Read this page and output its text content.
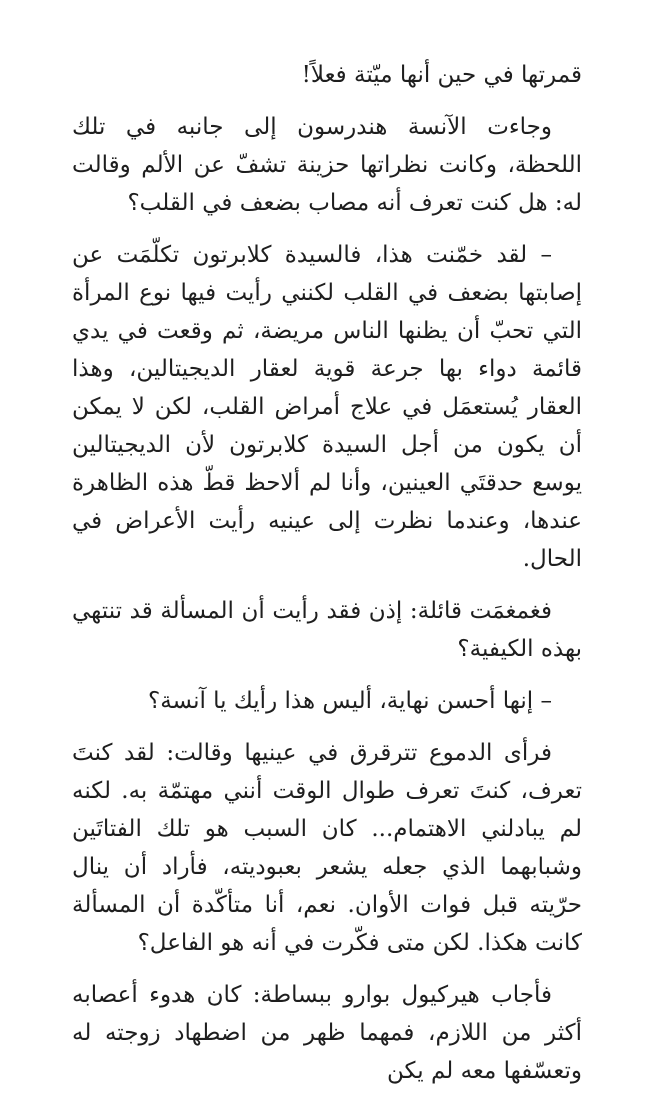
قمرتها في حين أنها ميّتة فعلاً!

وجاءت الآنسة هندرسون إلى جانبه في تلك اللحظة، وكانت نظراتها حزينة تشفّ عن الألم وقالت له: هل كنت تعرف أنه مصاب بضعف في القلب؟

– لقد خمّنت هذا، فالسيدة كلابرتون تكلّمَت عن إصابتها بضعف في القلب لكنني رأيت فيها نوع المرأة التي تحبّ أن يظنها الناس مريضة، ثم وقعت في يدي قائمة دواء بها جرعة قوية لعقار الديجيتالين، وهذا العقار يُستعمَل في علاج أمراض القلب، لكن لا يمكن أن يكون من أجل السيدة كلابرتون لأن الديجيتالين يوسع حدقتَي العينين، وأنا لم ألاحظ قطّ هذه الظاهرة عندها، وعندما نظرت إلى عينيه رأيت الأعراض في الحال.

فغمغمَت قائلة: إذن فقد رأيت أن المسألة قد تنتهي بهذه الكيفية؟

– إنها أحسن نهاية، أليس هذا رأيك يا آنسة؟

فرأى الدموع تترقرق في عينيها وقالت: لقد كنتَ تعرف، كنتَ تعرف طوال الوقت أنني مهتمّة به. لكنه لم يبادلني الاهتمام... كان السبب هو تلك الفتاتَين وشبابهما الذي جعله يشعر بعبوديته، فأراد أن ينال حرّيته قبل فوات الأوان. نعم، أنا متأكّدة أن المسألة كانت هكذا. لكن متى فكّرت في أنه هو الفاعل؟

فأجاب هيركيول بوارو ببساطة: كان هدوء أعصابه أكثر من اللازم، فمهما ظهر من اضطهاد زوجته له وتعسّفها معه لم يكن
